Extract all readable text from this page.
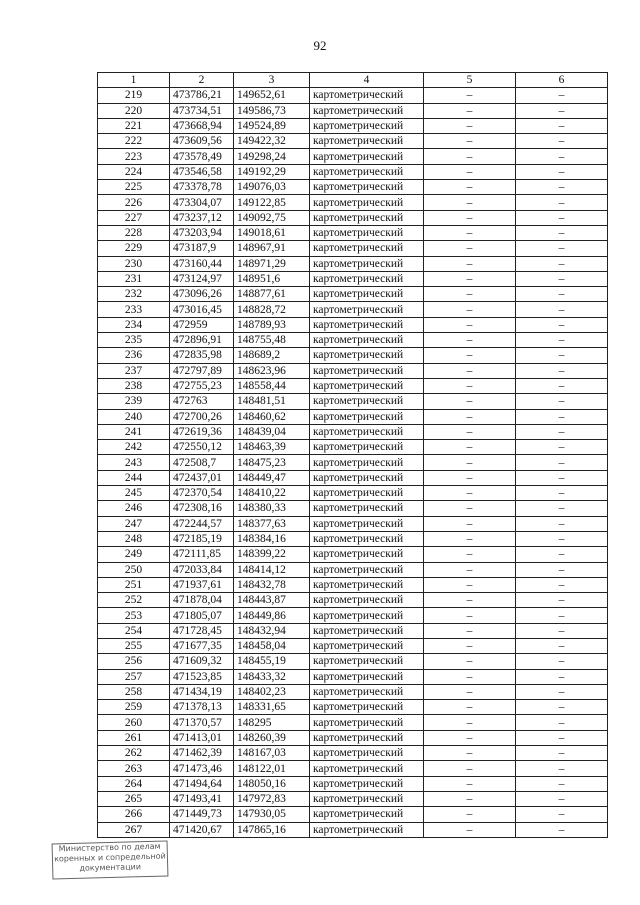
92
1	2	3	4	5	6
219	473786,21	149652,61	картометрический	–	–
220	473734,51	149586,73	картометрический	–	–
221	473668,94	149524,89	картометрический	–	–
222	473609,56	149422,32	картометрический	–	–
223	473578,49	149298,24	картометрический	–	–
224	473546,58	149192,29	картометрический	–	–
225	473378,78	149076,03	картометрический	–	–
226	473304,07	149122,85	картометрический	–	–
227	473237,12	149092,75	картометрический	–	–
228	473203,94	149018,61	картометрический	–	–
229	473187,9	148967,91	картометрический	–	–
230	473160,44	148971,29	картометрический	–	–
231	473124,97	148951,6	картометрический	–	–
232	473096,26	148877,61	картометрический	–	–
233	473016,45	148828,72	картометрический	–	–
234	472959	148789,93	картометрический	–	–
235	472896,91	148755,48	картометрический	–	–
236	472835,98	148689,2	картометрический	–	–
237	472797,89	148623,96	картометрический	–	–
238	472755,23	148558,44	картометрический	–	–
239	472763	148481,51	картометрический	–	–
240	472700,26	148460,62	картометрический	–	–
241	472619,36	148439,04	картометрический	–	–
242	472550,12	148463,39	картометрический	–	–
243	472508,7	148475,23	картометрический	–	–
244	472437,01	148449,47	картометрический	–	–
245	472370,54	148410,22	картометрический	–	–
246	472308,16	148380,33	картометрический	–	–
247	472244,57	148377,63	картометрический	–	–
248	472185,19	148384,16	картометрический	–	–
249	472111,85	148399,22	картометрический	–	–
250	472033,84	148414,12	картометрический	–	–
251	471937,61	148432,78	картометрический	–	–
252	471878,04	148443,87	картометрический	–	–
253	471805,07	148449,86	картометрический	–	–
254	471728,45	148432,94	картометрический	–	–
255	471677,35	148458,04	картометрический	–	–
256	471609,32	148455,19	картометрический	–	–
257	471523,85	148433,32	картометрический	–	–
258	471434,19	148402,23	картометрический	–	–
259	471378,13	148331,65	картометрический	–	–
260	471370,57	148295	картометрический	–	–
261	471413,01	148260,39	картометрический	–	–
262	471462,39	148167,03	картометрический	–	–
263	471473,46	148122,01	картометрический	–	–
264	471494,64	148050,16	картометрический	–	–
265	471493,41	147972,83	картометрический	–	–
266	471449,73	147930,05	картометрический	–	–
267	471420,67	147865,16	картометрический	–	–
Министерство по делам
коренных и сопредельной
документации
